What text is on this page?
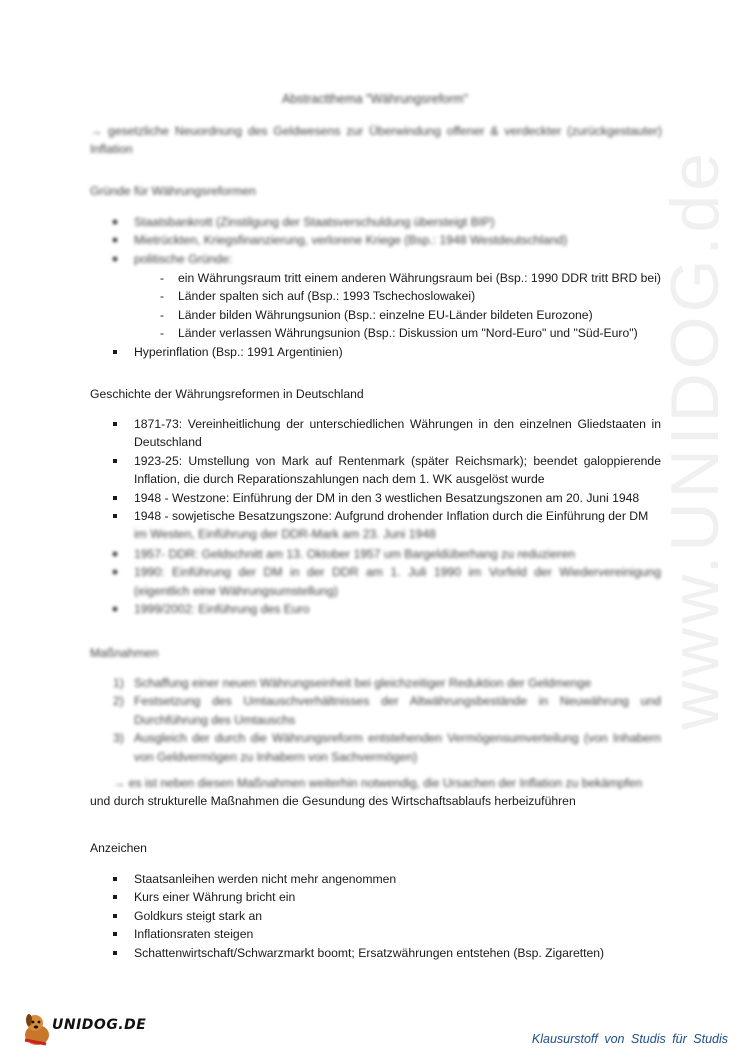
www.UNIDOG.de
Abstractthema "Währungsreform"
→ gesetzliche Neuordnung des Geldwesens zur Überwindung offener & verdeckter (zurückgestauter) Inflation
Gründe für Währungsreformen
Staatsbankrott (Zinstilgung der Staatsverschuldung übersteigt BIP)
Mietrückten, Kriegsfinanzierung, verlorene Kriege (Bsp.: 1948 Westdeutschland)
politische Gründe:
- ein Währungsraum tritt einem anderen Währungsraum bei (Bsp.: 1990 DDR tritt BRD bei)
- Länder spalten sich auf (Bsp.: 1993 Tschechoslowakei)
- Länder bilden Währungsunion (Bsp.: einzelne EU-Länder bildeten Eurozone)
- Länder verlassen Währungsunion (Bsp.: Diskussion um "Nord-Euro" und "Süd-Euro")
Hyperinflation (Bsp.: 1991 Argentinien)
Geschichte der Währungsreformen in Deutschland
1871-73: Vereinheitlichung der unterschiedlichen Währungen in den einzelnen Gliedstaaten in Deutschland
1923-25: Umstellung von Mark auf Rentenmark (später Reichsmark); beendet galoppierende Inflation, die durch Reparationszahlungen nach dem 1. WK ausgelöst wurde
1948 - Westzone: Einführung der DM in den 3 westlichen Besatzungszonen am 20. Juni 1948
1948 - sowjetische Besatzungszone: Aufgrund drohender Inflation durch die Einführung der DM
im Westen, Einführung der DDR-Mark am 23. Juni 1948
1957- DDR: Geldschnitt am 13. Oktober 1957 um Bargeldüberhang zu reduzieren
1990: Einführung der DM in der DDR am 1. Juli 1990 im Vorfeld der Wiedervereinigung (eigentlich eine Währungsumstellung)
1999/2002: Einführung des Euro
Maßnahmen
1) Schaffung einer neuen Währungseinheit bei gleichzeitiger Reduktion der Geldmenge
2) Festsetzung des Umtauschverhältnisses der Altwährungsbestände in Neuwährung und Durchführung des Umtauschs
3) Ausgleich der durch die Währungsreform entstehenden Vermögensumverteilung (von Inhabern von Geldvermögen zu Inhabern von Sachvermögen)
→ es ist neben diesen Maßnahmen weiterhin notwendig, die Ursachen der Inflation zu bekämpfen
und durch strukturelle Maßnahmen die Gesundung des Wirtschaftsablaufs herbeizuführen
Anzeichen
Staatsanleihen werden nicht mehr angenommen
Kurs einer Währung bricht ein
Goldkurs steigt stark an
Inflationsraten steigen
Schattenwirtschaft/Schwarzmarkt boomt; Ersatzwährungen entstehen (Bsp. Zigaretten)
UNIDOG.DE
Klausurstoff von Studis für Studis
